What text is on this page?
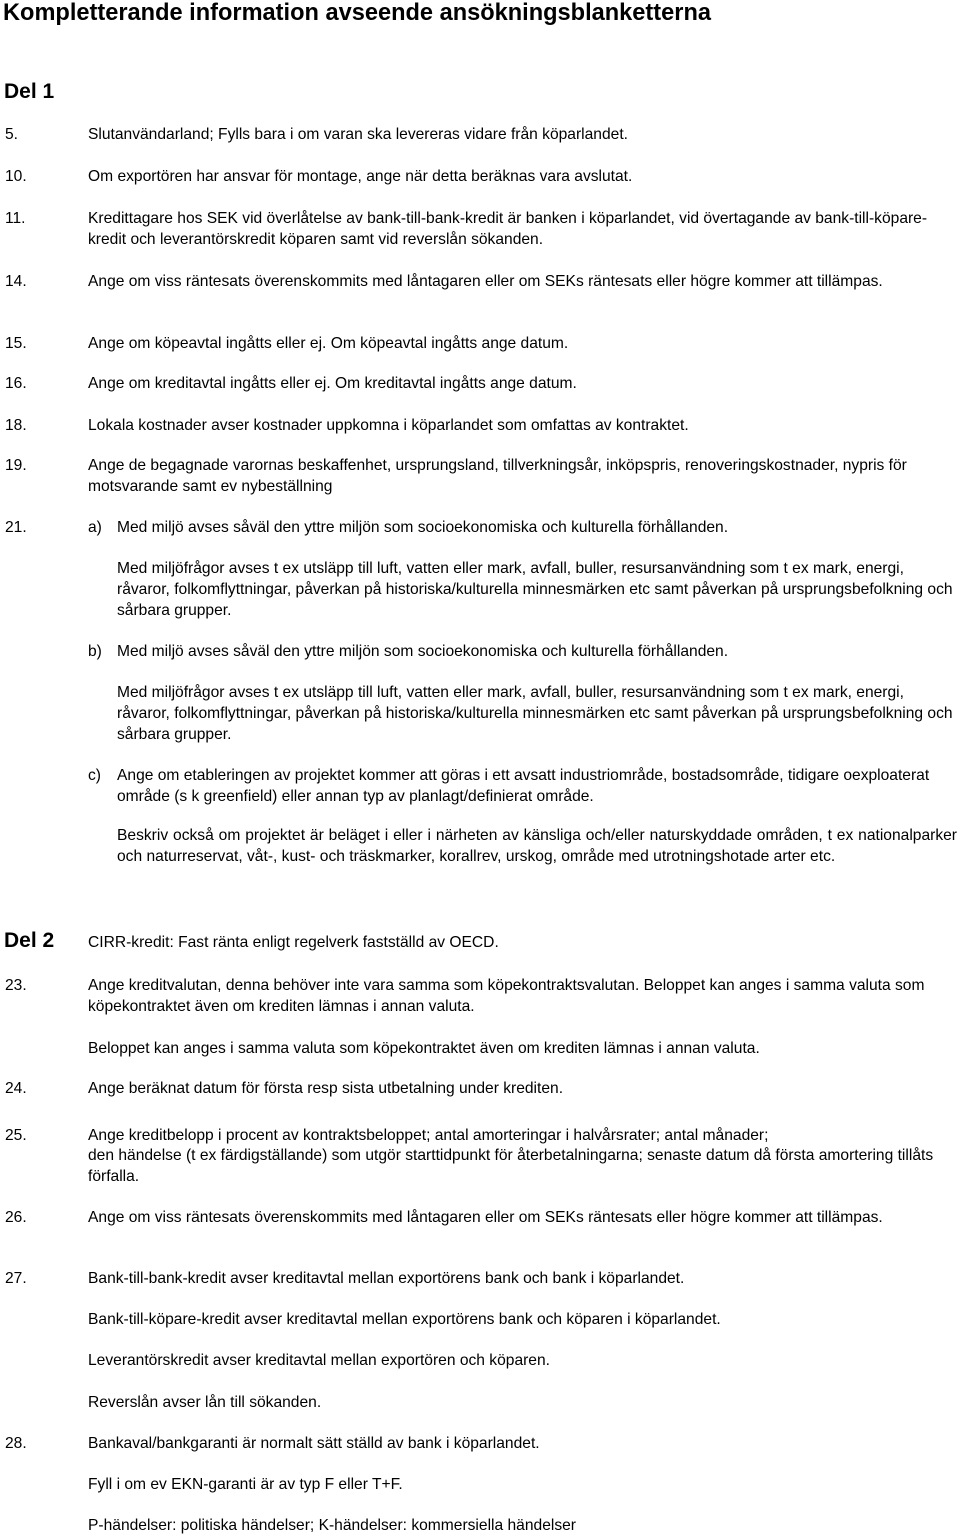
Kompletterande information avseende ansökningsblanketterna
Del 1

5.	Slutanvändarland; Fylls bara i om varan ska levereras vidare från köparlandet.

10.	Om exportören har ansvar för montage, ange när detta beräknas vara avslutat.

11.	Kredittagare hos SEK vid överlåtelse av bank-till-bank-kredit är banken i köparlandet, vid övertagande av bank-till-köpare-kredit och leverantörskredit köparen samt vid reverslån sökanden.

14.	Ange om viss räntesats överenskommits med låntagaren eller om SEKs räntesats eller högre kommer att tillämpas.

15.	Ange om köpeavtal ingåtts eller ej. Om köpeavtal ingåtts ange datum.

16.	Ange om kreditavtal ingåtts eller ej. Om kreditavtal ingåtts ange datum.

18.	Lokala kostnader avser kostnader uppkomna i köparlandet som omfattas av kontraktet.

19.	Ange de begagnade varornas beskaffenhet, ursprungsland, tillverkningsår, inköpspris, renoveringskostnader, nypris för motsvarande samt ev nybeställning

21.	a) Med miljö avses såväl den yttre miljön som socioekonomiska och kulturella förhållanden.

Med miljöfrågor avses t ex utsläpp till luft, vatten eller mark, avfall, buller, resursanvändning som t ex mark, energi, råvaror, folkomflyttningar, påverkan på historiska/kulturella minnesmärken etc samt påverkan på ursprungsbefolkning och sårbara grupper.

b) Med miljö avses såväl den yttre miljön som socioekonomiska och kulturella förhållanden.

Med miljöfrågor avses t ex utsläpp till luft, vatten eller mark, avfall, buller, resursanvändning som t ex mark, energi, råvaror, folkomflyttningar, påverkan på historiska/kulturella minnesmärken etc samt påverkan på ursprungsbefolkning och sårbara grupper.

c) Ange om etableringen av projektet kommer att göras i ett avsatt industriområde, bostadsområde, tidigare oexploaterat område (s k greenfield) eller annan typ av planlagt/definierat område.

Beskriv också om projektet är beläget i eller i närheten av känsliga och/eller naturskyddade områden, t ex nationalparker och naturreservat, våt-, kust- och träskmarker, korallrev, urskog, område med utrotningshotade arter etc.

Del 2 CIRR-kredit: Fast ränta enligt regelverk fastställd av OECD.

23.	Ange kreditvalutan, denna behöver inte vara samma som köpekontraktsvalutan. Beloppet kan anges i samma valuta som köpekontraktet även om krediten lämnas i annan valuta.

Beloppet kan anges i samma valuta som köpekontraktet även om krediten lämnas i annan valuta.

24.	Ange beräknat datum för första resp sista utbetalning under krediten.

25.	Ange kreditbelopp i procent av kontraktsbeloppet; antal amorteringar i halvårsrater; antal månader;

den händelse (t ex färdigställande) som utgör starttidpunkt för återbetalningarna; senaste datum då första amortering tillåts förfalla.

26.	Ange om viss räntesats överenskommits med låntagaren eller om SEKs räntesats eller högre kommer att tillämpas.

27.	Bank-till-bank-kredit avser kreditavtal mellan exportörens bank och bank i köparlandet.

Bank-till-köpare-kredit avser kreditavtal mellan exportörens bank och köparen i köparlandet.

Leverantörskredit avser kreditavtal mellan exportören och köparen.

Reverslån avser lån till sökanden.

28.	Bankaval/bankgaranti är normalt sätt ställd av bank i köparlandet.

Fyll i om ev EKN-garanti är av typ F eller T+F.

P-händelser: politiska händelser; K-händelser: kommersiella händelser
